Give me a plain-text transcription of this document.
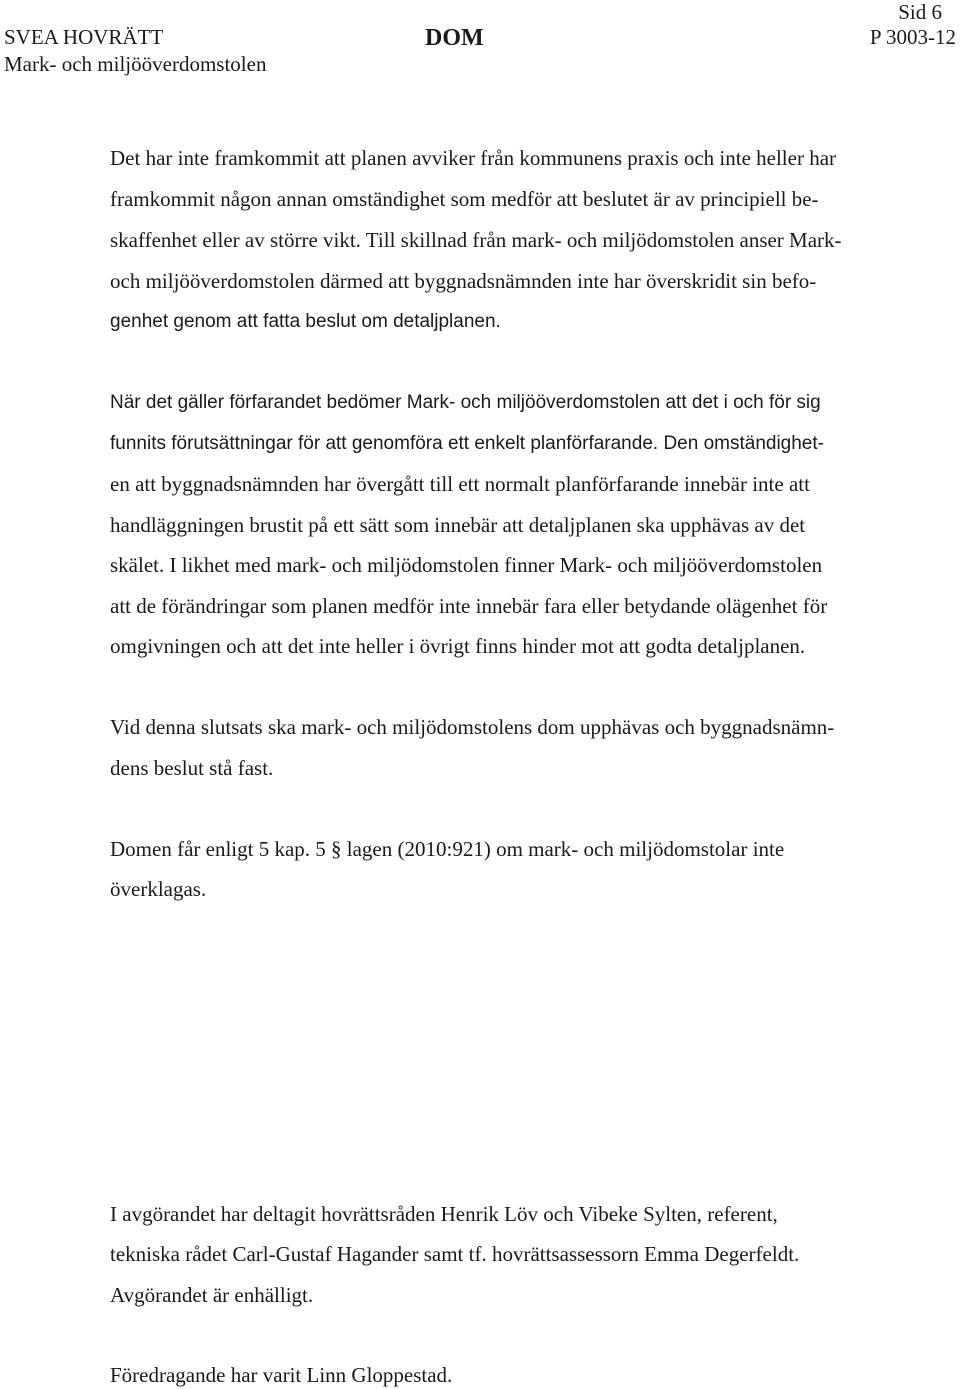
Sid 6
SVEA HOVRÄTT	DOM	P 3003-12
Mark- och miljööverdomstolen

Det har inte framkommit att planen avviker från kommunens praxis och inte heller har

framkommit någon annan omständighet som medför att beslutet är av principiell be-

skaffenhet eller av större vikt. Till skillnad från mark- och miljödomstolen anser Mark-

och miljööverdomstolen därmed att byggnadsnämnden inte har överskridit sin befo-

genhet genom att fatta beslut om detaljplanen.

När det gäller förfarandet bedömer Mark- och miljööverdomstolen att det i och för sig

funnits förutsättningar för att genomföra ett enkelt planförfarande. Den omständighet-

en att byggnadsnämnden har övergått till ett normalt planförfarande innebär inte att

handläggningen brustit på ett sätt som innebär att detaljplanen ska upphävas av det

skälet. I likhet med mark- och miljödomstolen finner Mark- och miljööverdomstolen

att de förändringar som planen medför inte innebär fara eller betydande olägenhet för

omgivningen och att det inte heller i övrigt finns hinder mot att godta detaljplanen.

Vid denna slutsats ska mark- och miljödomstolens dom upphävas och byggnadsnämn-

dens beslut stå fast.

Domen får enligt 5 kap. 5 § lagen (2010:921) om mark- och miljödomstolar inte

överklagas.

I avgörandet har deltagit hovrättsråden Henrik Löv och Vibeke Sylten, referent,

tekniska rådet Carl-Gustaf Hagander samt tf. hovrättsassessorn Emma Degerfeldt.

Avgörandet är enhälligt.

Föredragande har varit Linn Gloppestad.
